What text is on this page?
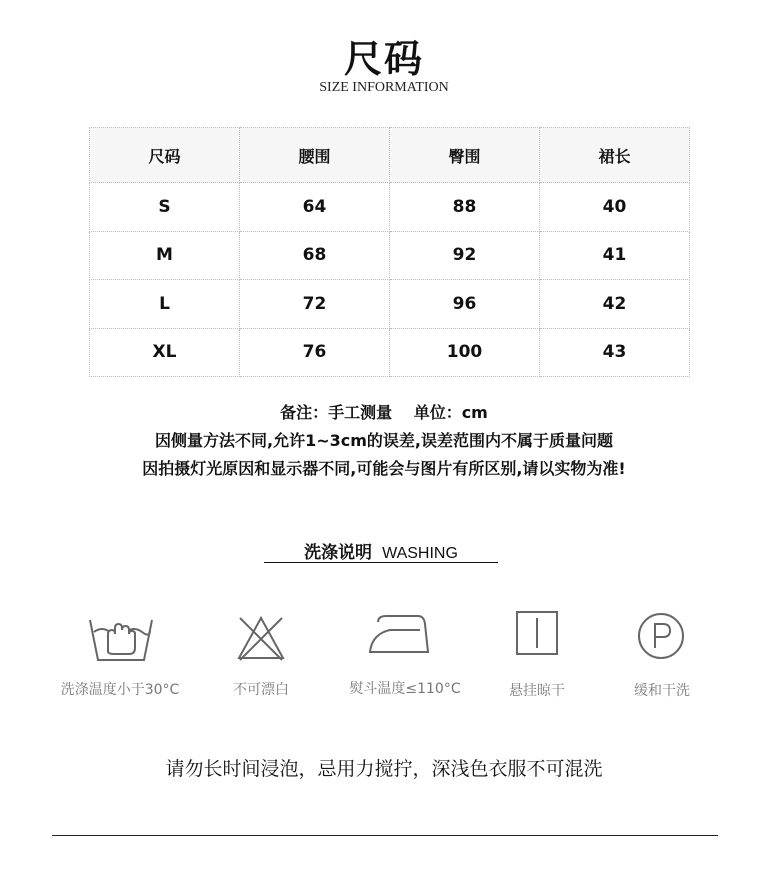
尺码
SIZE INFORMATION
尺码	腰围	臀围	裙长
S	64	88	40
M	68	92	41
L	72	96	42
XL	76	100	43
备注：手工测量　 单位：cm
因侧量方法不同,允许1~3cm的误差,误差范围内不属于质量问题
因拍摄灯光原因和显示器不同,可能会与图片有所区别,请以实物为准!
洗涤说明 WASHING
洗涤温度小于30°C	不可漂白	熨斗温度≤110°C	悬挂晾干	缓和干洗
请勿长时间浸泡，忌用力搅拧，深浅色衣服不可混洗
